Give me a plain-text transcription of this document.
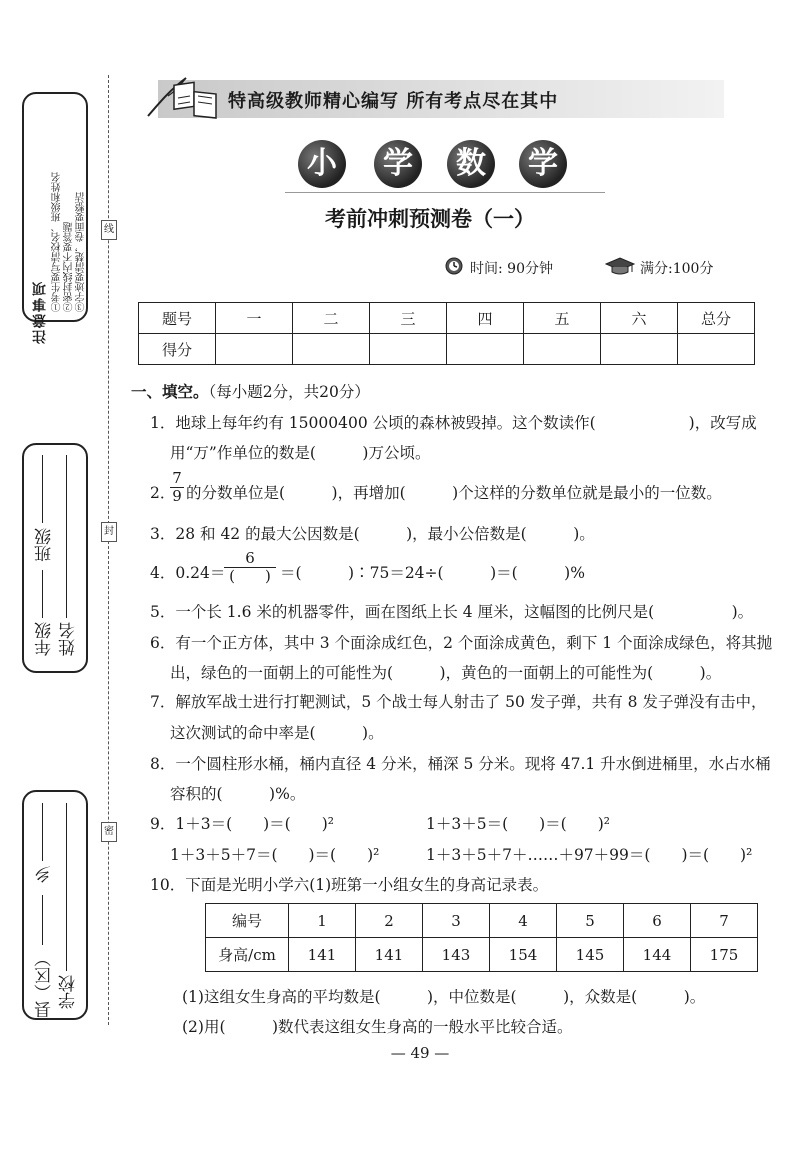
注意事项 ①考生要写清校名、班级和姓名 ②密封线内不要答题 ③字迹要清楚，卷面要整洁
年级
班级
姓名
县（区）
乡
学校
线
封
密
特高级教师精心编写 所有考点尽在其中
小	学	数	学
考前冲刺预测卷（一）
时间: 90分钟	满分:100分
题号	一	二	三	四	五	六	总分
得分							
一、填空。（每小题2分，共20分）
1．地球上每年约有 15000400 公顷的森林被毁掉。这个数读作(　　　　　　)，改写成
用“万”作单位的数是(　　　)万公顷。
2．
$\frac{7}{9}$ 的分数单位是(　　　)，再增加(　　　)个这样的分数单位就是最小的一位数。
3．28 和 42 的最大公因数是(　　　)，最小公倍数是(　　　)。
4．0.24＝
6
(　　) ＝(　　　)∶75＝24÷(　　　)＝(　　　)%
5．一个长 1.6 米的机器零件，画在图纸上长 4 厘米，这幅图的比例尺是(　　　　　)。
6．有一个正方体，其中 3 个面涂成红色，2 个面涂成黄色，剩下 1 个面涂成绿色，将其抛
出，绿色的一面朝上的可能性为(　　　)，黄色的一面朝上的可能性为(　　　)。
7．解放军战士进行打靶测试，5 个战士每人射击了 50 发子弹，共有 8 发子弹没有击中，
这次测试的命中率是(　　　)。
8．一个圆柱形水桶，桶内直径 4 分米，桶深 5 分米。现将 47.1 升水倒进桶里，水占水桶
容积的(　　　)%。
9．1＋3＝(　　)＝(　　)²	1＋3＋5＝(　　)＝(　　)²
1＋3＋5＋7＝(　　)＝(　　)²	1＋3＋5＋7＋……＋97＋99＝(　　)＝(　　)²
10．下面是光明小学六(1)班第一小组女生的身高记录表。
编号	1	2	3	4	5	6	7
身高/cm	141	141	143	154	145	144	175
(1)这组女生身高的平均数是(　　　)，中位数是(　　　)，众数是(　　　)。
(2)用(　　　)数代表这组女生身高的一般水平比较合适。
— 49 —
